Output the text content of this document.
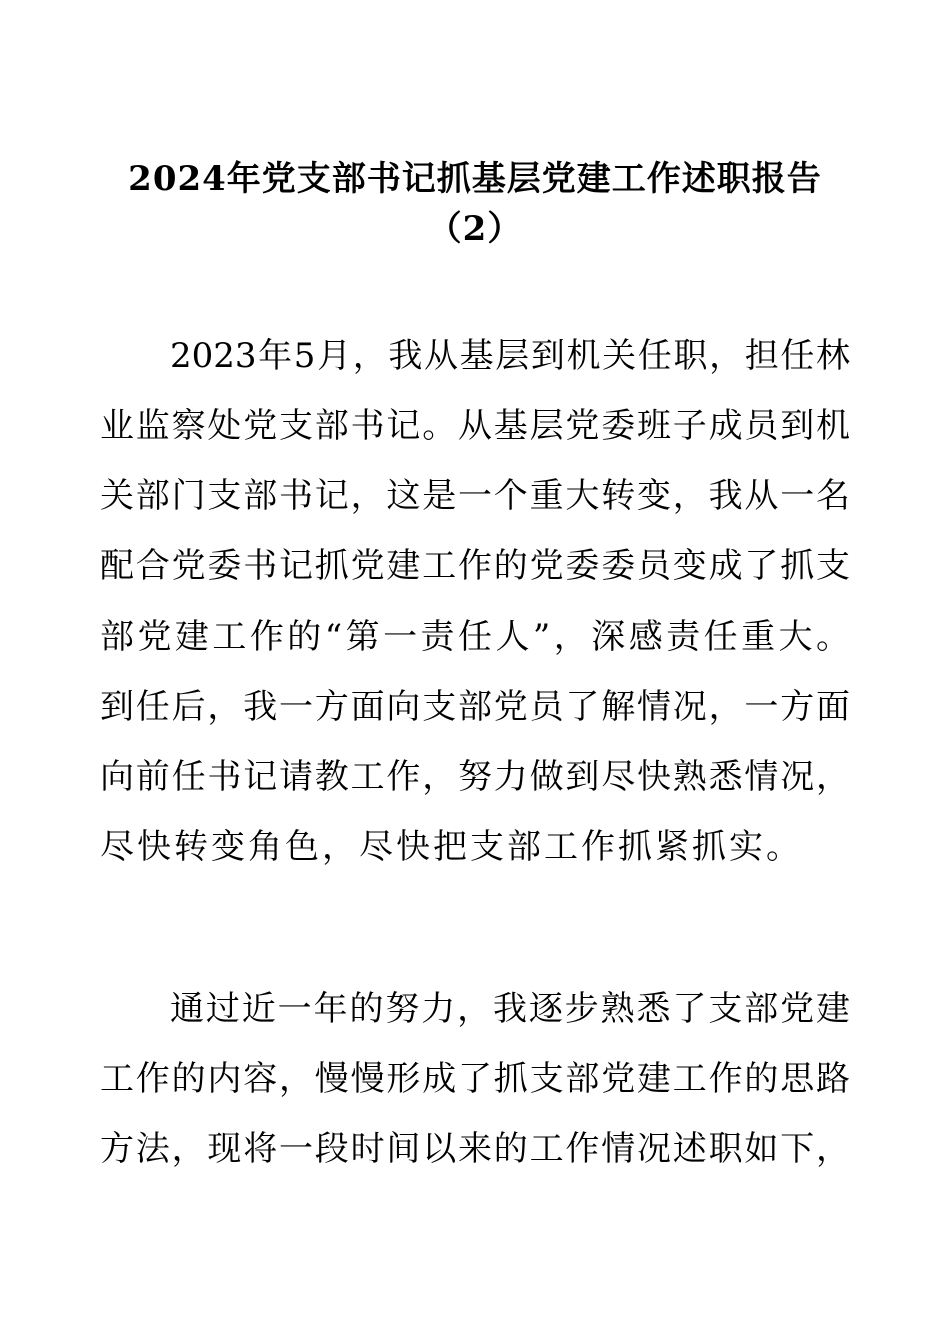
2024年党支部书记抓基层党建工作述职报告
（2）
2023年5月，我从基层到机关任职，担任林
业监察处党支部书记。从基层党委班子成员到机
关部门支部书记，这是一个重大转变，我从一名
配合党委书记抓党建工作的党委委员变成了抓支
部党建工作的“第一责任人”，深感责任重大。
到任后，我一方面向支部党员了解情况，一方面
向前任书记请教工作，努力做到尽快熟悉情况，
尽快转变角色，尽快把支部工作抓紧抓实。
通过近一年的努力，我逐步熟悉了支部党建
工作的内容，慢慢形成了抓支部党建工作的思路
方法，现将一段时间以来的工作情况述职如下，
